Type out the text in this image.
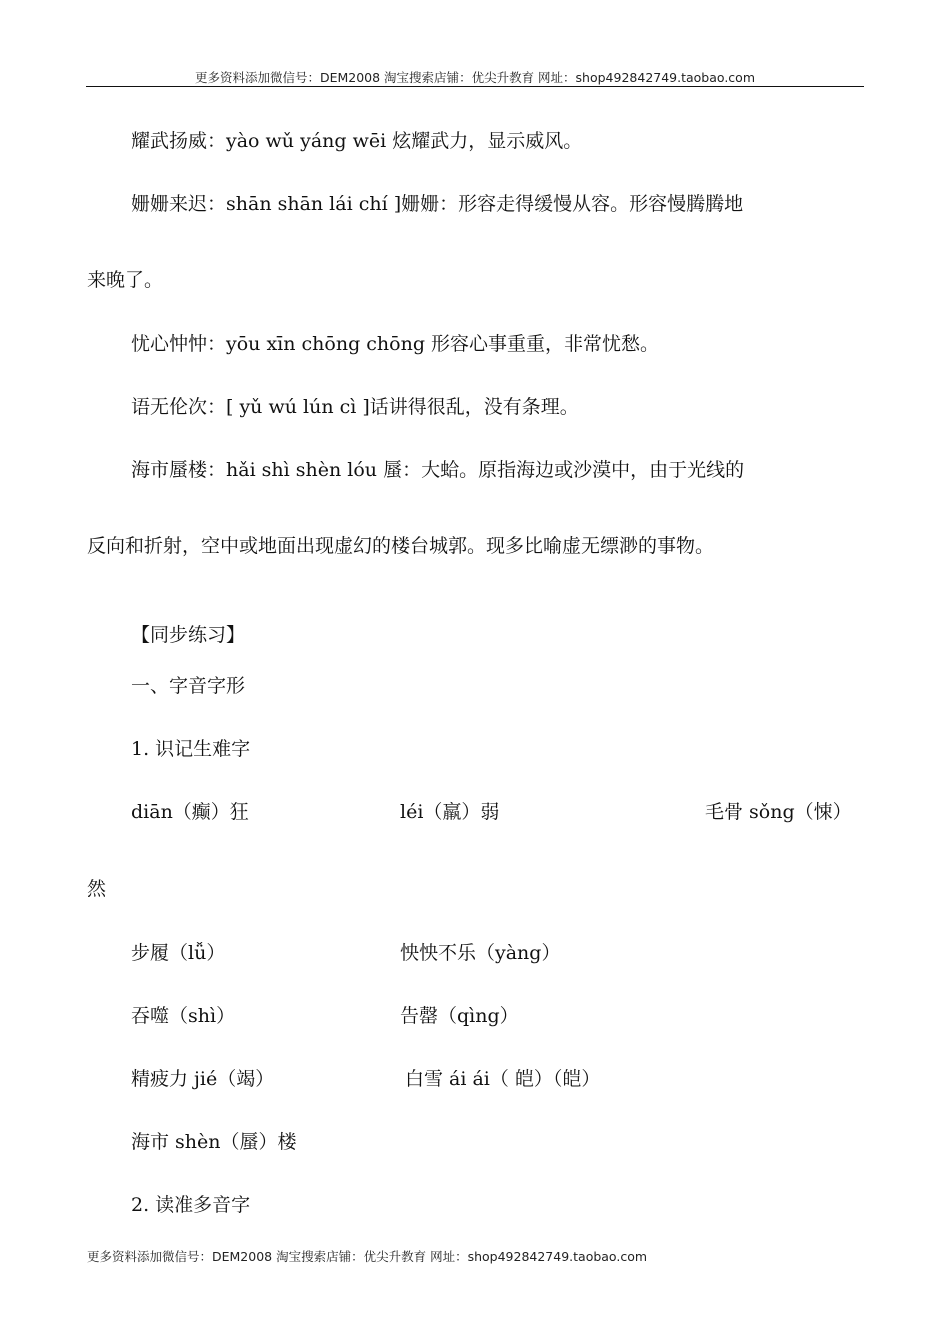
更多资料添加微信号：DEM2008 淘宝搜索店铺：优尖升教育 网址：shop492842749.taobao.com
耀武扬威：yào wǔ yáng wēi 炫耀武力，显示威风。
姗姗来迟：shān shān lái chí ]姗姗：形容走得缓慢从容。形容慢腾腾地
来晚了。
忧心忡忡：yōu xīn chōng chōng 形容心事重重，非常忧愁。
语无伦次：[ yǔ wú lún cì ]话讲得很乱，没有条理。
海市蜃楼：hǎi shì shèn lóu 蜃：大蛤。原指海边或沙漠中，由于光线的
反向和折射，空中或地面出现虚幻的楼台城郭。现多比喻虚无缥渺的事物。
【同步练习】
一、字音字形
1. 识记生难字
diān（癫）狂	léi（羸）弱	毛骨 sǒng（悚）
然
步履（lǚ）	怏怏不乐（yàng）
吞噬（shì）	告罄（qìng）
精疲力 jié（竭）	白雪 ái ái（ 皑）（皑）
海市 shèn（蜃）楼
2. 读准多音字
更多资料添加微信号：DEM2008 淘宝搜索店铺：优尖升教育 网址：shop492842749.taobao.com
